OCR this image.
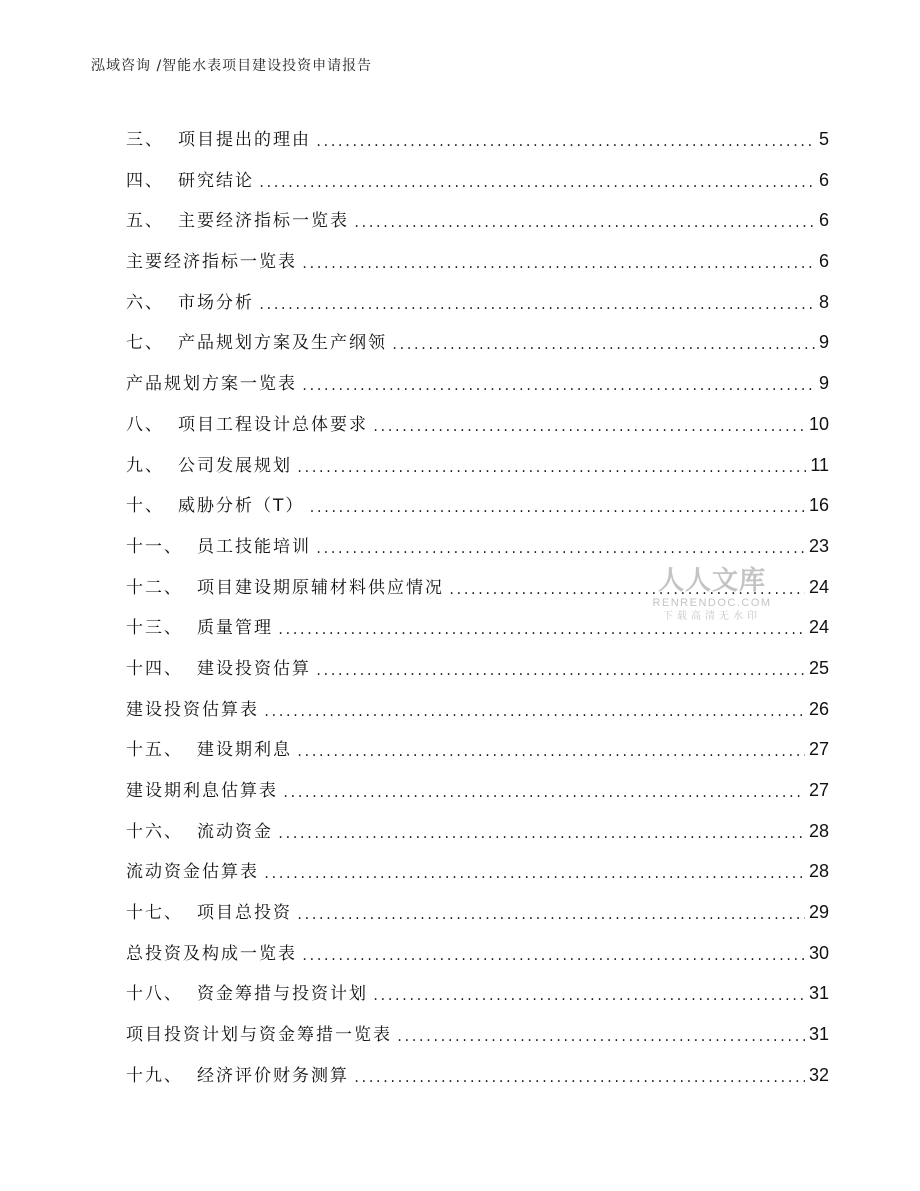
泓域咨询 /智能水表项目建设投资申请报告
三、 项目提出的理由 .....	5
四、 研究结论 .....	6
五、 主要经济指标一览表 .....	6
主要经济指标一览表 .....	6
六、 市场分析 .....	8
七、 产品规划方案及生产纲领 .....	9
产品规划方案一览表 .....	9
八、 项目工程设计总体要求 .....	10
九、 公司发展规划 .....	11
十、 威胁分析（T） .....	16
十一、 员工技能培训 .....	23
十二、 项目建设期原辅材料供应情况 .....	24
十三、 质量管理 .....	24
十四、 建设投资估算 .....	25
建设投资估算表 .....	26
十五、 建设期利息 .....	27
建设期利息估算表 .....	27
十六、 流动资金 .....	28
流动资金估算表 .....	28
十七、 项目总投资 .....	29
总投资及构成一览表 .....	30
十八、 资金筹措与投资计划 .....	31
项目投资计划与资金筹措一览表 .....	31
十九、 经济评价财务测算 .....	32
人人文库
RENRENDOC.COM
下载高清无水印
